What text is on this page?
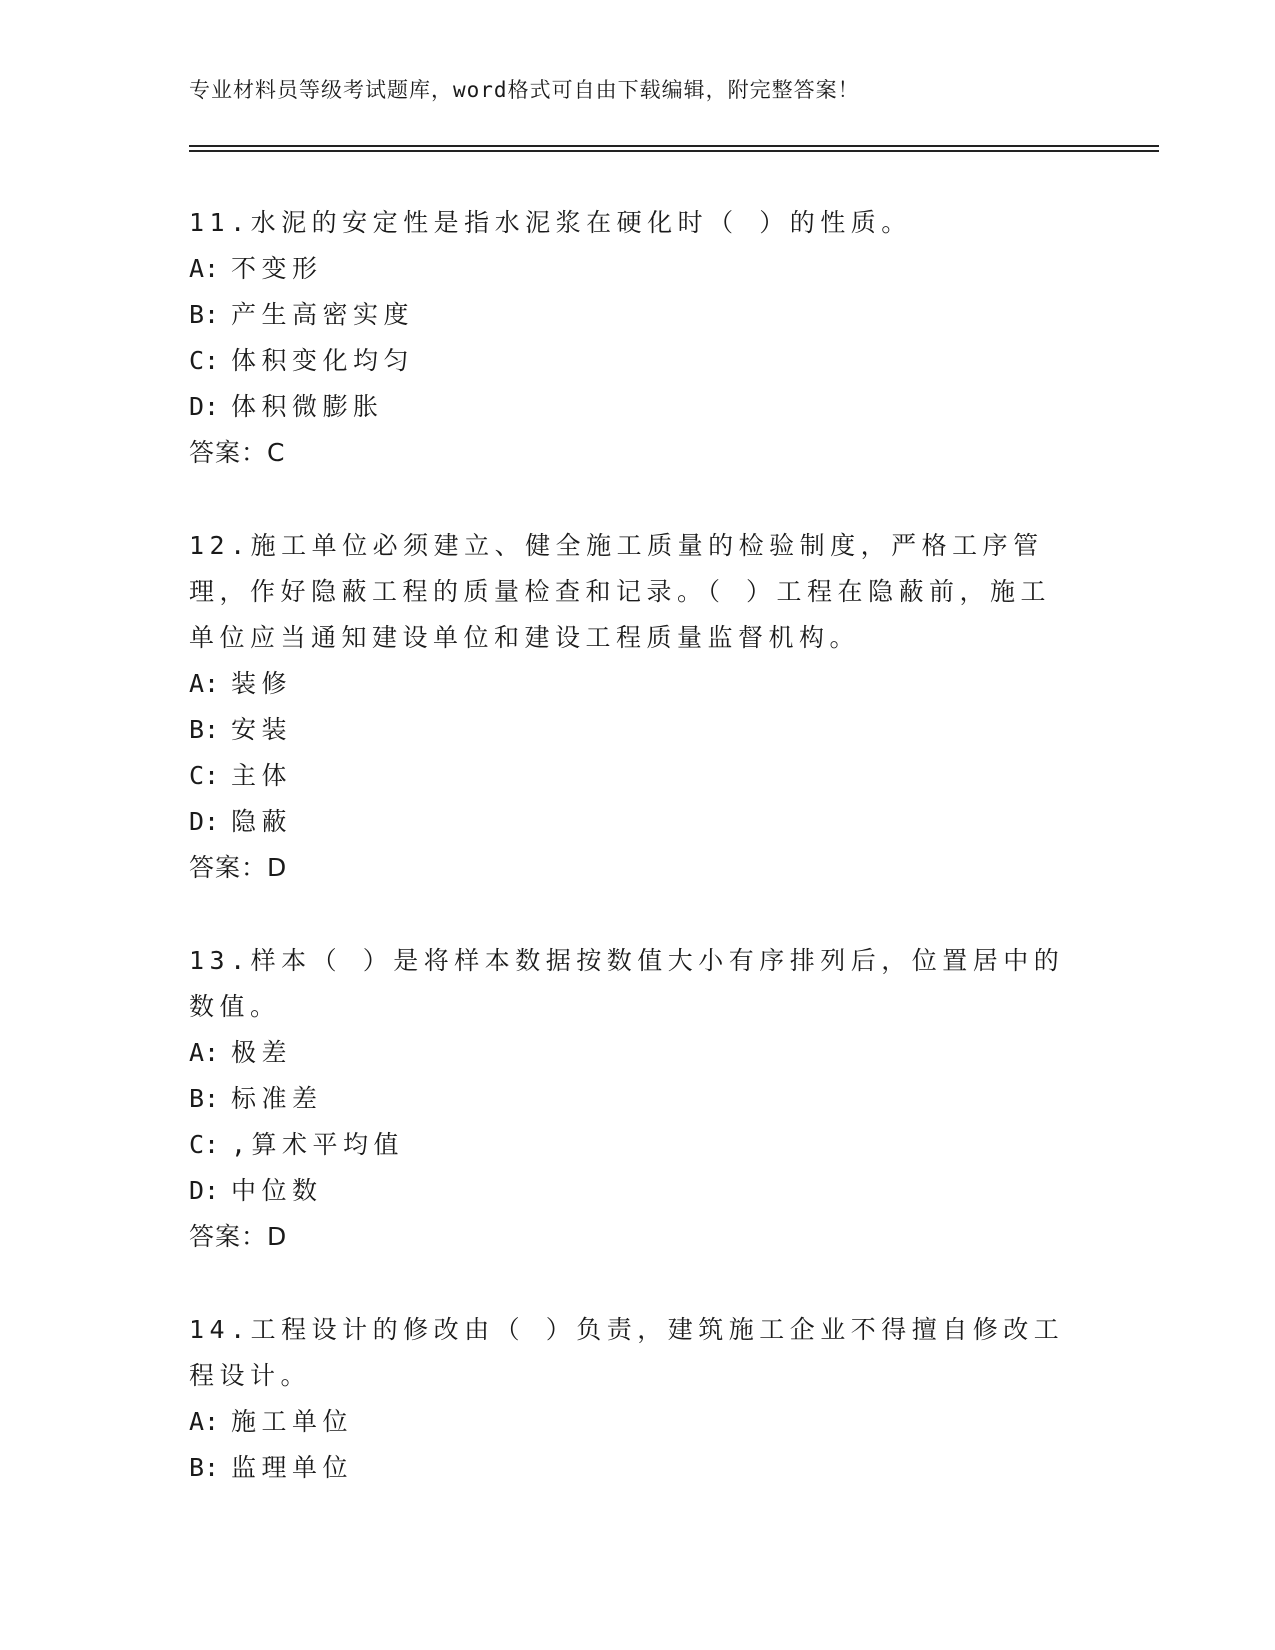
专业材料员等级考试题库，word格式可自由下载编辑，附完整答案！

11.水泥的安定性是指水泥浆在硬化时（ ）的性质。

A: 不变形
B: 产生高密实度
C: 体积变化均匀
D: 体积微膨胀
答案：C

12.施工单位必须建立、健全施工质量的检验制度，严格工序管理，作好隐蔽工程的质量检查和记录。（ ）工程在隐蔽前，施工单位应当通知建设单位和建设工程质量监督机构。

A: 装修
B: 安装
C: 主体
D: 隐蔽
答案：D

13.样本（ ）是将样本数据按数值大小有序排列后，位置居中的数值。

A: 极差
B: 标准差
C: ,算术平均值
D: 中位数
答案：D

14.工程设计的修改由（ ）负责，建筑施工企业不得擅自修改工程设计。

A: 施工单位
B: 监理单位
